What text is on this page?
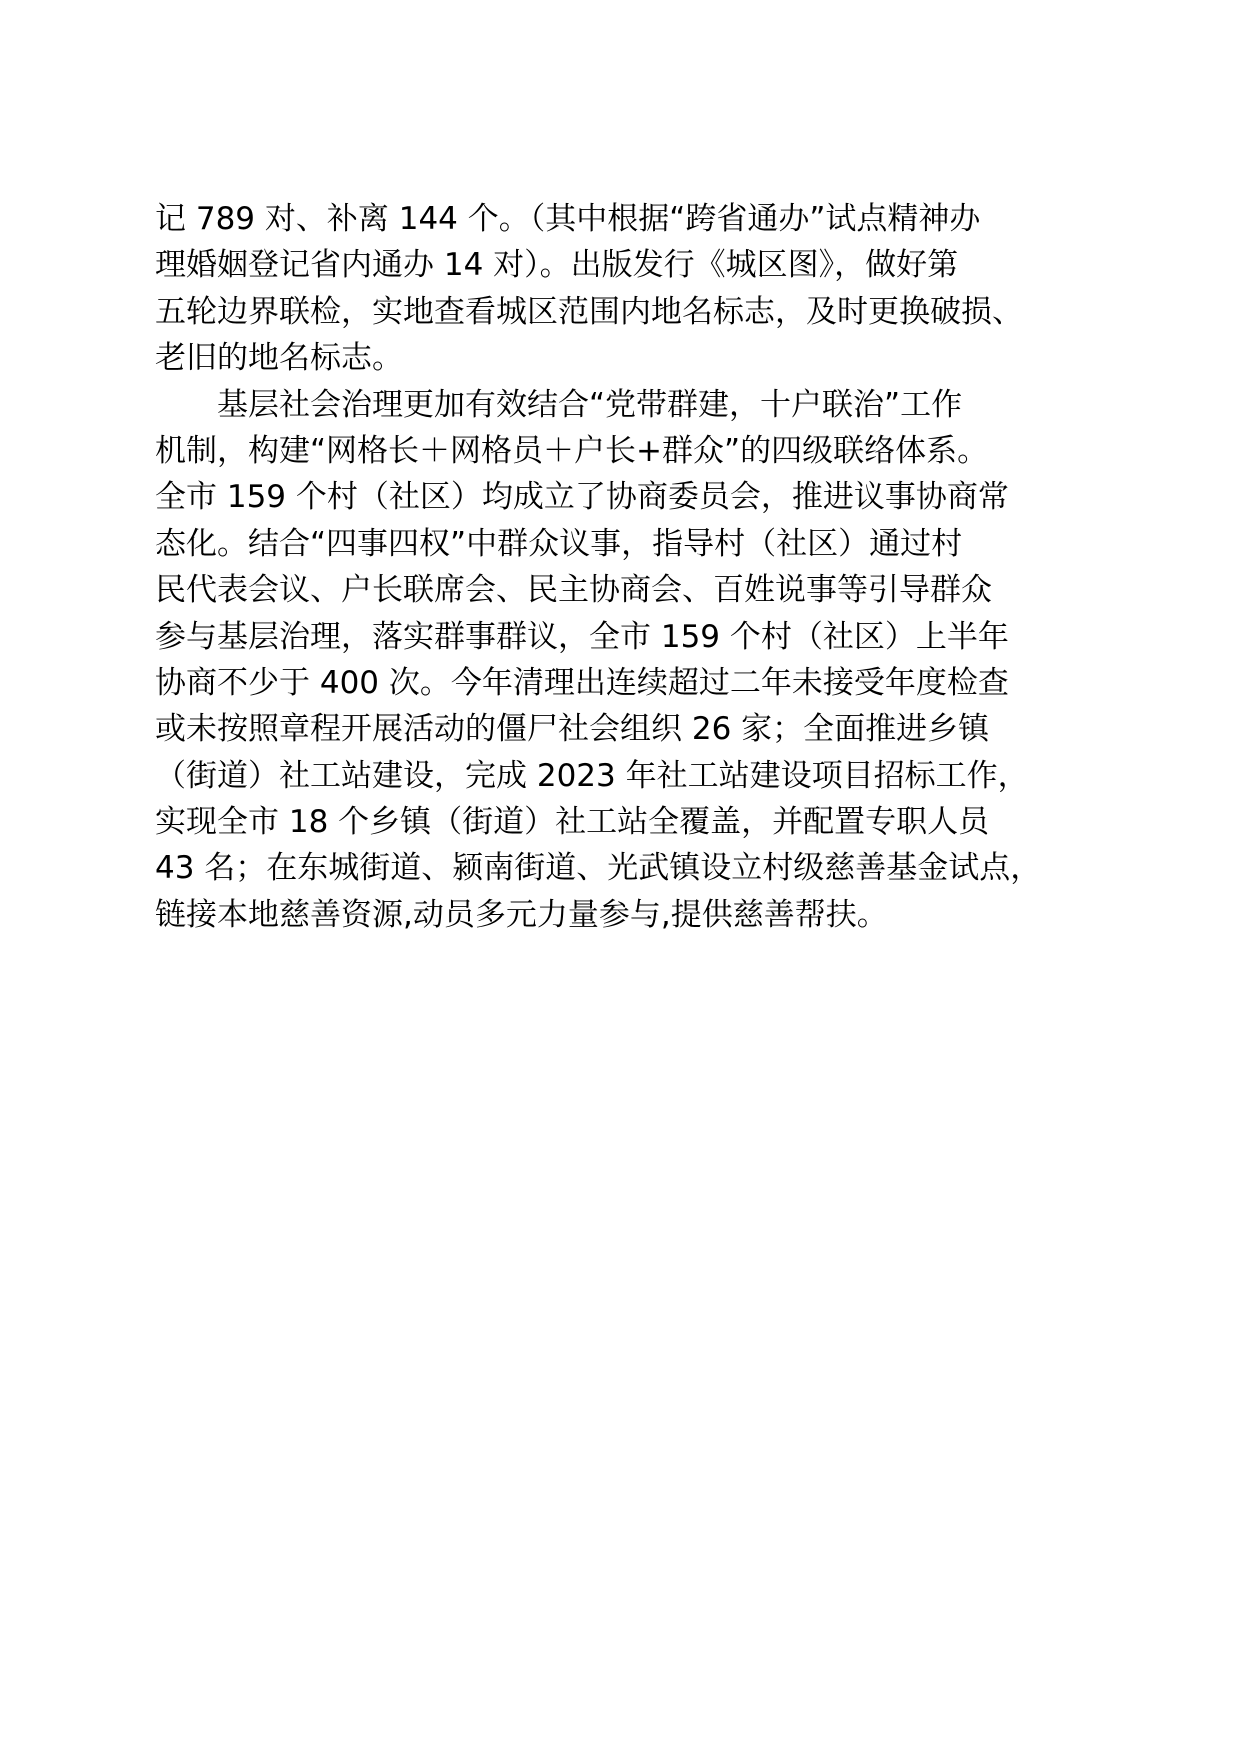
记 789 对、补离 144 个。（其中根据“跨省通办”试点精神办
理婚姻登记省内通办 14 对）。出版发行《城区图》，做好第
五轮边界联检，实地查看城区范围内地名标志，及时更换破损、
老旧的地名标志。
基层社会治理更加有效结合“党带群建，十户联治”工作
机制，构建“网格长＋网格员＋户长+群众”的四级联络体系。
全市 159 个村（社区）均成立了协商委员会，推进议事协商常
态化。结合“四事四权”中群众议事，指导村（社区）通过村
民代表会议、户长联席会、民主协商会、百姓说事等引导群众
参与基层治理，落实群事群议，全市 159 个村（社区）上半年
协商不少于 400 次。今年清理出连续超过二年未接受年度检查
或未按照章程开展活动的僵尸社会组织 26 家；全面推进乡镇
（街道）社工站建设，完成 2023 年社工站建设项目招标工作，
实现全市 18 个乡镇（街道）社工站全覆盖，并配置专职人员
43 名；在东城街道、颍南街道、光武镇设立村级慈善基金试点，
链接本地慈善资源,动员多元力量参与,提供慈善帮扶。
